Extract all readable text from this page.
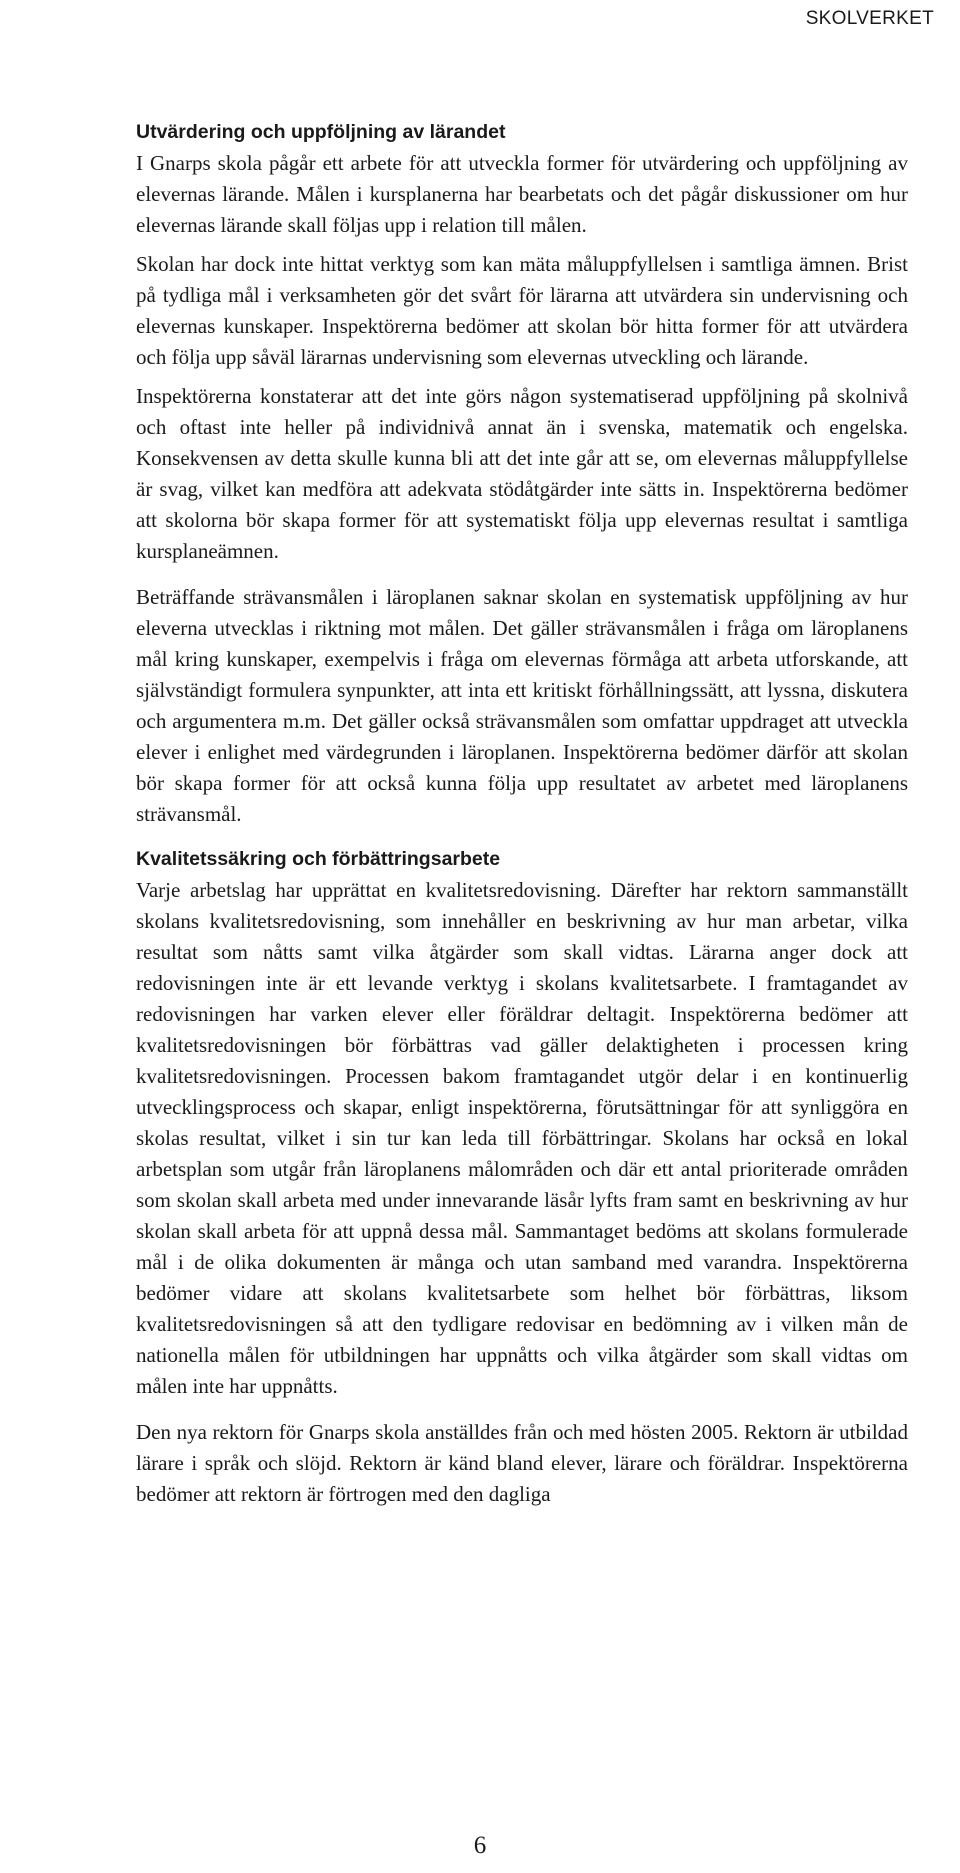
SKOLVERKET
Utvärdering och uppföljning av lärandet

I Gnarps skola pågår ett arbete för att utveckla former för utvärdering och uppföljning av elevernas lärande. Målen i kursplanerna har bearbetats och det pågår diskussioner om hur elevernas lärande skall följas upp i relation till målen.

Skolan har dock inte hittat verktyg som kan mäta måluppfyllelsen i samtliga ämnen. Brist på tydliga mål i verksamheten gör det svårt för lärarna att utvärdera sin undervisning och elevernas kunskaper. Inspektörerna bedömer att skolan bör hitta former för att utvärdera och följa upp såväl lärarnas undervisning som elevernas utveckling och lärande.

Inspektörerna konstaterar att det inte görs någon systematiserad uppföljning på skolnivå och oftast inte heller på individnivå annat än i svenska, matematik och engelska. Konsekvensen av detta skulle kunna bli att det inte går att se, om elevernas måluppfyllelse är svag, vilket kan medföra att adekvata stödåtgärder inte sätts in. Inspektörerna bedömer att skolorna bör skapa former för att systematiskt följa upp elevernas resultat i samtliga kursplaneämnen.

Beträffande strävansmålen i läroplanen saknar skolan en systematisk uppföljning av hur eleverna utvecklas i riktning mot målen. Det gäller strävansmålen i fråga om läroplanens mål kring kunskaper, exempelvis i fråga om elevernas förmåga att arbeta utforskande, att självständigt formulera synpunkter, att inta ett kritiskt förhållningssätt, att lyssna, diskutera och argumentera m.m. Det gäller också strävansmålen som omfattar uppdraget att utveckla elever i enlighet med värdegrunden i läroplanen. Inspektörerna bedömer därför att skolan bör skapa former för att också kunna följa upp resultatet av arbetet med läroplanens strävansmål.

Kvalitetssäkring och förbättringsarbete

Varje arbetslag har upprättat en kvalitetsredovisning. Därefter har rektorn sammanställt skolans kvalitetsredovisning, som innehåller en beskrivning av hur man arbetar, vilka resultat som nåtts samt vilka åtgärder som skall vidtas. Lärarna anger dock att redovisningen inte är ett levande verktyg i skolans kvalitetsarbete. I framtagandet av redovisningen har varken elever eller föräldrar deltagit. Inspektörerna bedömer att kvalitetsredovisningen bör förbättras vad gäller delaktigheten i processen kring kvalitetsredovisningen. Processen bakom framtagandet utgör delar i en kontinuerlig utvecklingsprocess och skapar, enligt inspektörerna, förutsättningar för att synliggöra en skolas resultat, vilket i sin tur kan leda till förbättringar. Skolans har också en lokal arbetsplan som utgår från läroplanens målområden och där ett antal prioriterade områden som skolan skall arbeta med under innevarande läsår lyfts fram samt en beskrivning av hur skolan skall arbeta för att uppnå dessa mål. Sammantaget bedöms att skolans formulerade mål i de olika dokumenten är många och utan samband med varandra. Inspektörerna bedömer vidare att skolans kvalitetsarbete som helhet bör förbättras, liksom kvalitetsredovisningen så att den tydligare redovisar en bedömning av i vilken mån de nationella målen för utbildningen har uppnåtts och vilka åtgärder som skall vidtas om målen inte har uppnåtts.

Den nya rektorn för Gnarps skola anställdes från och med hösten 2005. Rektorn är utbildad lärare i språk och slöjd. Rektorn är känd bland elever, lärare och föräldrar. Inspektörerna bedömer att rektorn är förtrogen med den dagliga

6
